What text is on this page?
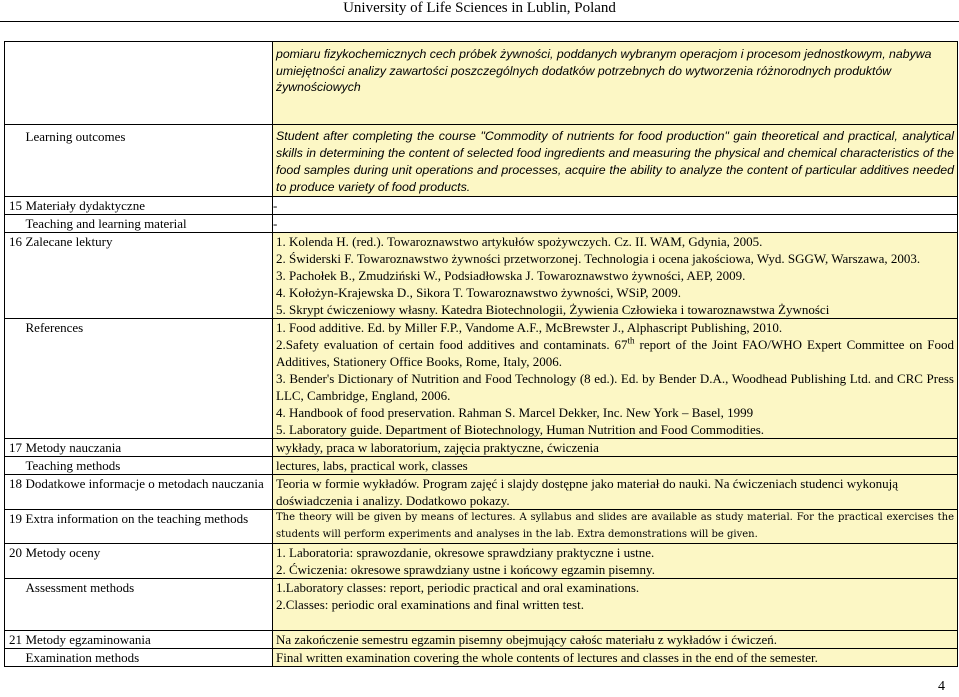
University of Life Sciences in Lublin, Poland
		pomiaru fizykochemicznych cech próbek żywności, poddanych wybranym operacjom i procesom jednostkowym, nabywa umiejętności analizy zawartości poszczególnych dodatków potrzebnych do wytworzenia różnorodnych produktów żywnościowych
	Learning outcomes	Student after completing the course "Commodity of nutrients for food production" gain theoretical and practical, analytical skills in determining the content of selected food ingredients and measuring the physical and chemical characteristics of the food samples during unit operations and processes, acquire the ability to analyze the content of particular additives needed to produce variety of food products.
15	Materiały dydaktyczne	-
	Teaching and learning material	-
16	Zalecane lektury	1. Kolenda H. (red.). Towaroznawstwo artykułów spożywczych. Cz. II. WAM, Gdynia, 2005.
2. Świderski F. Towaroznawstwo żywności przetworzonej. Technologia i ocena jakościowa, Wyd. SGGW, Warszawa, 2003.
3. Pachołek B., Zmudziński W., Podsiadłowska J. Towaroznawstwo żywności, AEP, 2009.
4. Kołożyn-Krajewska D., Sikora T. Towaroznawstwo żywności, WSiP, 2009.
5. Skrypt ćwiczeniowy własny. Katedra Biotechnologii, Żywienia Człowieka i towaroznawstwa Żywności

	References	1. Food additive. Ed. by Miller F.P., Vandome A.F., McBrewster J., Alphascript Publishing, 2010.
2.Safety evaluation of certain food additives and contaminats. 67th report of the Joint FAO/WHO Expert Committee on Food Additives, Stationery Office Books, Rome, Italy, 2006.
3. Bender's Dictionary of Nutrition and Food Technology (8 ed.). Ed. by Bender D.A., Woodhead Publishing Ltd. and CRC Press LLC, Cambridge, England, 2006.
4. Handbook of food preservation. Rahman S. Marcel Dekker, Inc. New York – Basel, 1999
5. Laboratory guide. Department of Biotechnology, Human Nutrition and Food Commodities.

17	Metody nauczania	wykłady, praca w laboratorium, zajęcia praktyczne, ćwiczenia
	Teaching methods	lectures, labs, practical work, classes
18	Dodatkowe informacje o metodach nauczania	Teoria w formie wykładów. Program zajęć i slajdy dostępne jako materiał do nauki. Na ćwiczeniach studenci wykonują doświadczenia i analizy. Dodatkowo pokazy.
19	Extra information on the teaching methods	The theory will be given by means of lectures. A syllabus and slides are available as study material. For the practical exercises the students will perform experiments and analyses in the lab. Extra demonstrations will be given.
20	Metody oceny	1. Laboratoria: sprawozdanie, okresowe sprawdziany praktyczne i ustne.
2. Ćwiczenia: okresowe sprawdziany ustne i końcowy egzamin pisemny.

	Assessment methods	1.Laboratory classes: report, periodic practical and oral examinations.
2.Classes: periodic oral examinations and final written test.

21	Metody egzaminowania	Na zakończenie semestru egzamin pisemny obejmujący całośc materiału z wykładów i ćwiczeń.
	Examination methods	Final written examination covering the whole contents of lectures and classes in the end of the semester.
4
